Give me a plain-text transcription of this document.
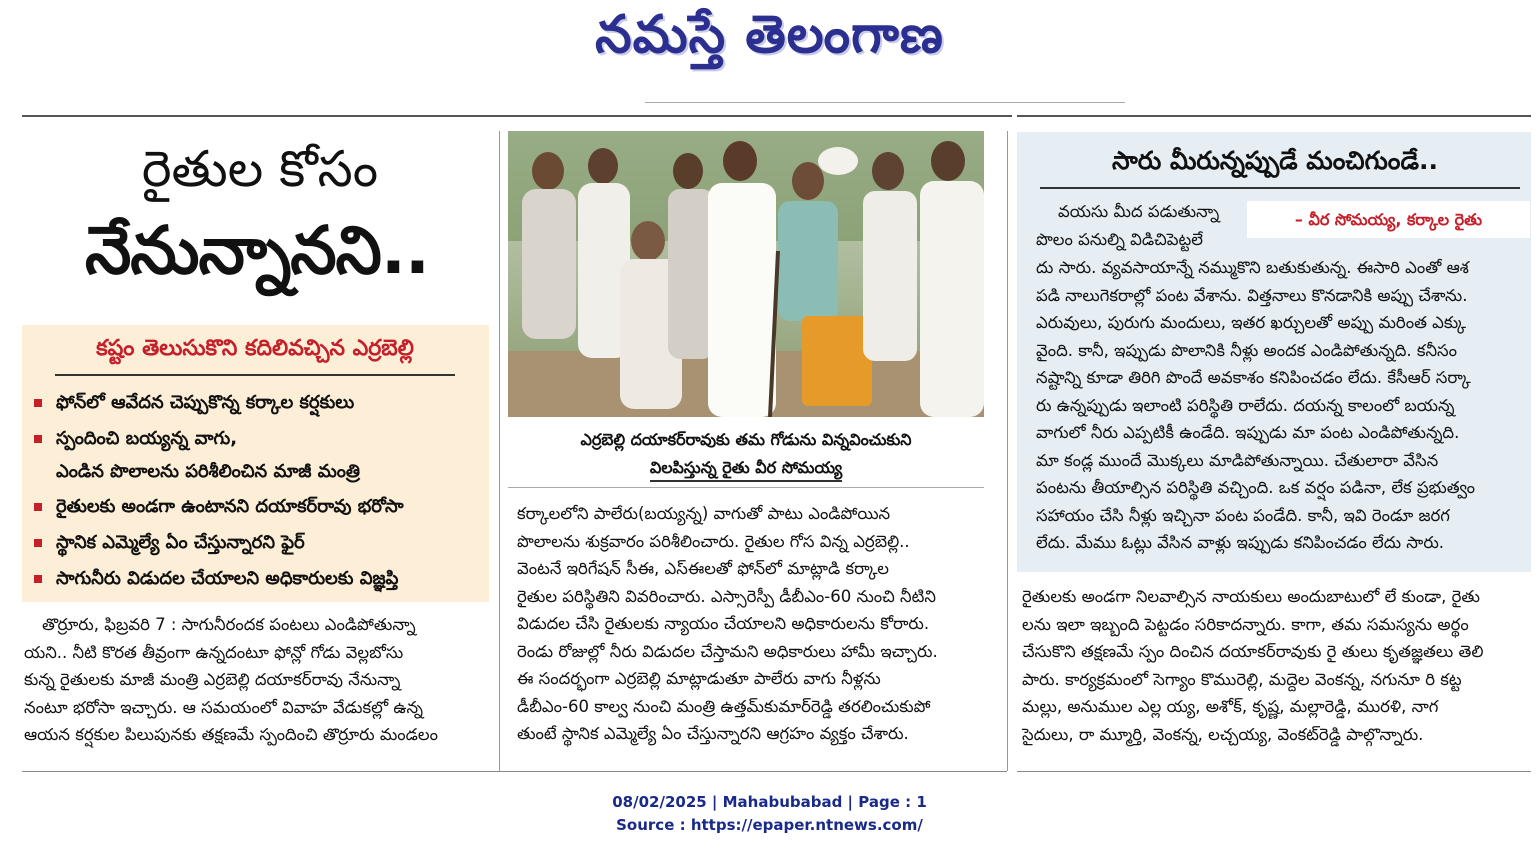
నమస్తే తెలంగాణ
రైతుల కోసం
నేనున్నానని..
కష్టం తెలుసుకొని కదిలివచ్చిన ఎర్రబెల్లి
ఫోన్‌లో ఆవేదన చెప్పుకొన్న కర్కాల కర్షకులు
స్పందించి బయ్యన్న వాగు,
ఎండిన పొలాలను పరిశీలించిన మాజీ మంత్రి
రైతులకు అండగా ఉంటానని దయాకర్‌రావు భరోసా
స్థానిక ఎమ్మెల్యే ఏం చేస్తున్నారని ఫైర్
సాగునీరు విడుదల చేయాలని అధికారులకు విజ్ఞప్తి
తొర్రూరు, ఫిబ్రవరి 7 : సాగునీరందక పంటలు ఎండిపోతున్నా
యని.. నీటి కొరత తీవ్రంగా ఉన్నదంటూ ఫోన్లో గోడు వెల్లబోసు
కున్న రైతులకు మాజీ మంత్రి ఎర్రబెల్లి దయాకర్‌రావు నేనున్నా
నంటూ భరోసా ఇచ్చారు. ఆ సమయంలో వివాహ వేడుకల్లో ఉన్న
ఆయన కర్షకుల పిలుపునకు తక్షణమే స్పందించి తొర్రూరు మండలం
ఎర్రబెల్లి దయాకర్‌రావుకు తమ గోడును విన్నవించుకుని
విలపిస్తున్న రైతు వీర సోమయ్య
కర్కాలలోని పాలేరు(బయ్యన్న) వాగుతో పాటు ఎండిపోయిన
పొలాలను శుక్రవారం పరిశీలించారు. రైతుల గోస విన్న ఎర్రబెల్లి..
వెంటనే ఇరిగేషన్ సీఈ, ఎస్‌ఈలతో ఫోన్‌లో మాట్లాడి కర్కాల
రైతుల పరిస్థితిని వివరించారు. ఎస్సారెస్పీ డీబీఎం-60 నుంచి నీటిని
విడుదల చేసి రైతులకు న్యాయం చేయాలని అధికారులను కోరారు.
రెండు రోజుల్లో నీరు విడుదల చేస్తామని అధికారులు హామీ ఇచ్చారు.
ఈ సందర్భంగా ఎర్రబెల్లి మాట్లాడుతూ పాలేరు వాగు నీళ్లను
డీబీఎం-60 కాల్వ నుంచి మంత్రి ఉత్తమ్‌కుమార్‌రెడ్డి తరలించుకుపో
తుంటే స్థానిక ఎమ్మెల్యే ఏం చేస్తున్నారని ఆగ్రహం వ్యక్తం చేశారు.
సారు మీరున్నప్పుడే మంచిగుండే..
– వీర సోమయ్య, కర్కాల రైతు
వయసు మీద పడుతున్నా
పొలం పనుల్ని విడిచిపెట్టలే
దు సారు. వ్యవసాయాన్నే నమ్ముకొని బతుకుతున్న. ఈసారి ఎంతో ఆశ
పడి నాలుగెకరాల్లో పంట వేశాను. విత్తనాలు కొనడానికి అప్పు చేశాను.
ఎరువులు, పురుగు మందులు, ఇతర ఖర్చులతో అప్పు మరింత ఎక్కు
వైంది. కానీ, ఇప్పుడు పొలానికి నీళ్లు అందక ఎండిపోతున్నది. కనీసం
నష్టాన్ని కూడా తిరిగి పొందే అవకాశం కనిపించడం లేదు. కేసీఆర్ సర్కా
రు ఉన్నప్పుడు ఇలాంటి పరిస్థితి రాలేదు. దయన్న కాలంలో బయన్న
వాగులో నీరు ఎప్పటికీ ఉండేది. ఇప్పుడు మా పంట ఎండిపోతున్నది.
మా కండ్ల ముందే మొక్కలు మాడిపోతున్నాయి. చేతులారా వేసిన
పంటను తీయాల్సిన పరిస్థితి వచ్చింది. ఒక వర్షం పడినా, లేక ప్రభుత్వం
సహాయం చేసి నీళ్లు ఇచ్చినా పంట పండేది. కానీ, ఇవి రెండూ జరగ
లేదు. మేము ఓట్లు వేసిన వాళ్లు ఇప్పుడు కనిపించడం లేదు సారు.
రైతులకు అండగా నిలవాల్సిన నాయకులు అందుబాటులో లే కుండా, రైతు
లను ఇలా ఇబ్బంది పెట్టడం సరికాదన్నారు. కాగా, తమ సమస్యను అర్థం
చేసుకొని తక్షణమే స్పం దించిన దయాకర్‌రావుకు రై తులు కృతజ్ఞతలు తెలి
పారు. కార్యక్రమంలో సెగ్యాం కొమురెల్లి, మద్దెల వెంకన్న, నగునూ రి కట్ట
మల్లు, అనుముల ఎల్ల య్య, అశోక్, కృష్ణ, మల్లారెడ్డి, మురళి, నాగ
సైదులు, రా మ్మూర్తి, వెంకన్న, లచ్చయ్య, వెంకట్‌రెడ్డి పాల్గొన్నారు.
08/02/2025 | Mahabubabad | Page : 1
Source : https://epaper.ntnews.com/
